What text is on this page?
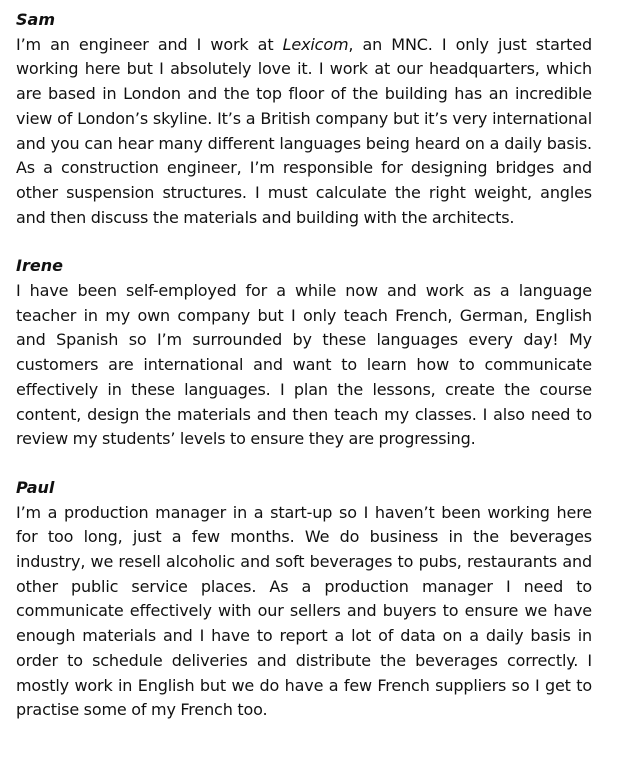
Sam

I’m an engineer and I work at Lexicom, an MNC. I only just started working here but I absolutely love it. I work at our headquarters, which are based in London and the top floor of the building has an incredible view of London’s skyline. It’s a British company but it’s very international and you can hear many different languages being heard on a daily basis. As a construction engineer, I’m responsible for designing bridges and other suspension structures. I must calculate the right weight, angles and then discuss the materials and building with the architects.

Irene

I have been self-employed for a while now and work as a language teacher in my own company but I only teach French, German, English and Spanish so I’m surrounded by these languages every day! My customers are international and want to learn how to communicate effectively in these languages. I plan the lessons, create the course content, design the materials and then teach my classes. I also need to review my students’ levels to ensure they are progressing.

Paul

I’m a production manager in a start-up so I haven’t been working here for too long, just a few months. We do business in the beverages industry, we resell alcoholic and soft beverages to pubs, restaurants and other public service places. As a production manager I need to communicate effectively with our sellers and buyers to ensure we have enough materials and I have to report a lot of data on a daily basis in order to schedule deliveries and distribute the beverages correctly. I mostly work in English but we do have a few French suppliers so I get to practise some of my French too.
